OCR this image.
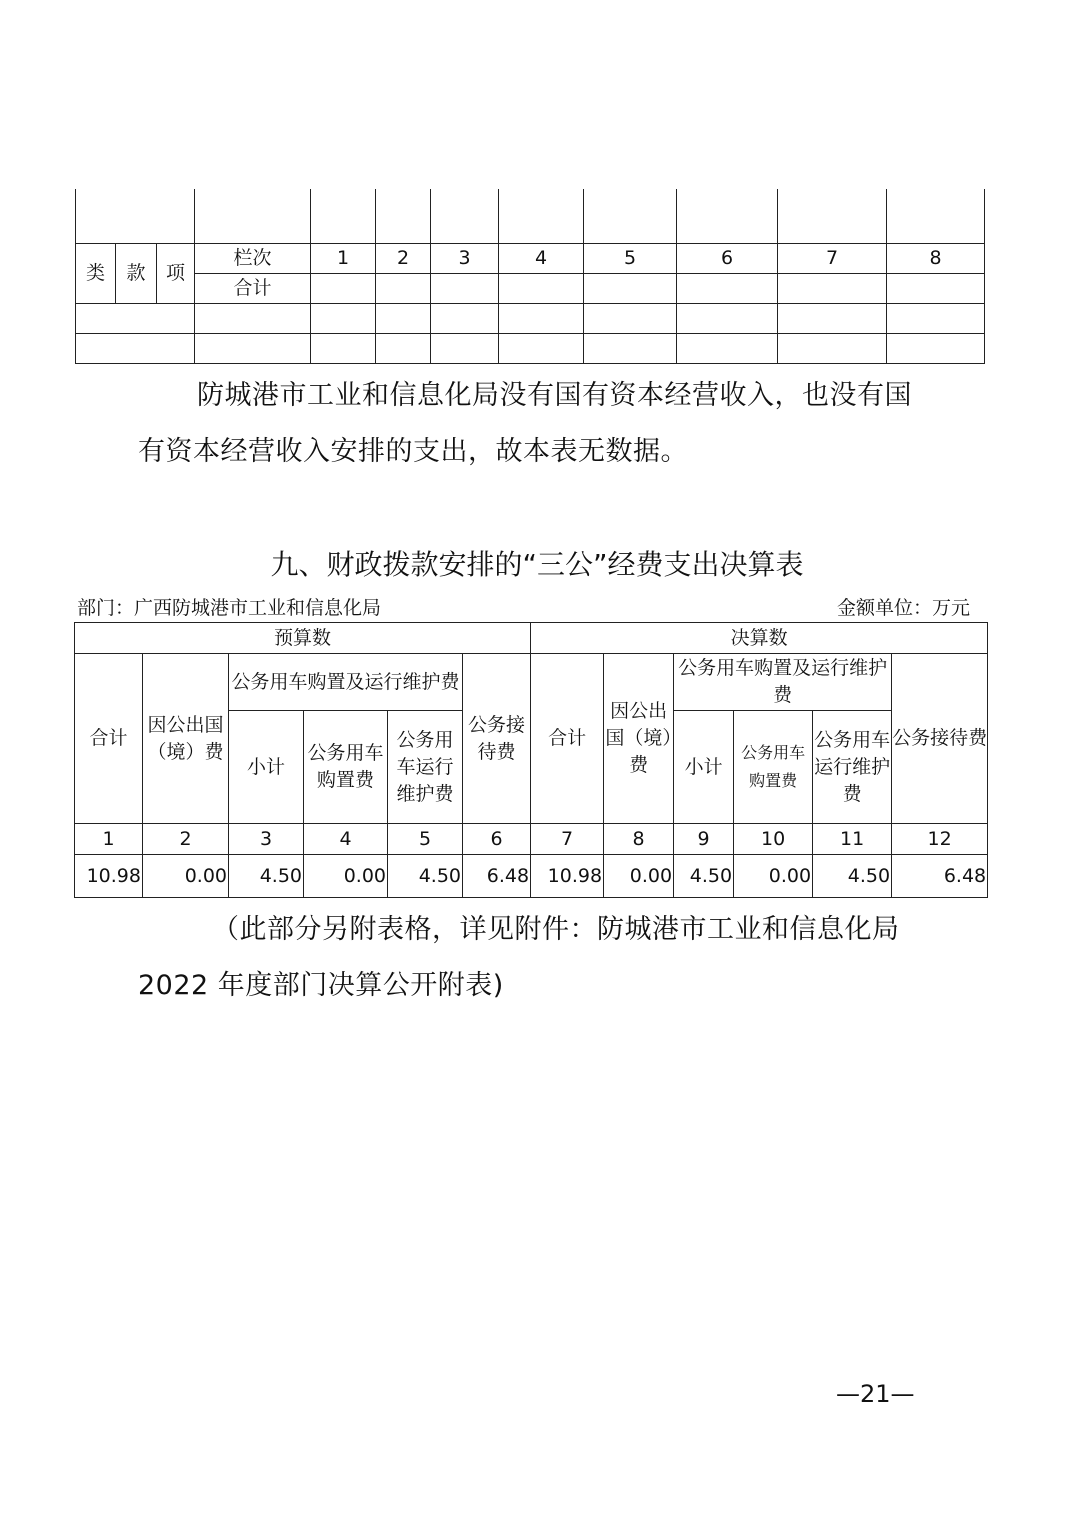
类	款	项	栏次	1	2	3	4	5	6	7	8
			合计								

防城港市工业和信息化局没有国有资本经营收入，也没有国
有资本经营收入安排的支出，故本表无数据。
九、财政拨款安排的“三公”经费支出决算表
部门：广西防城港市工业和信息化局	金额单位：万元
预算数						决算数					
合计	因公出国（境）费	公务用车购置及运行维护费			公务接待费	合计	因公出国（境）费	公务用车购置及运行维护费			公务接待费
		小计	公务用车购置费	公务用车运行维护费				小计	公务用车购置费	公务用车运行维护费	
1	2	3	4	5	6	7	8	9	10	11	12
10.98	0.00	4.50	0.00	4.50	6.48	10.98	0.00	4.50	0.00	4.50	6.48
（此部分另附表格，详见附件：防城港市工业和信息化局
2022 年度部门决算公开附表)
—21—
